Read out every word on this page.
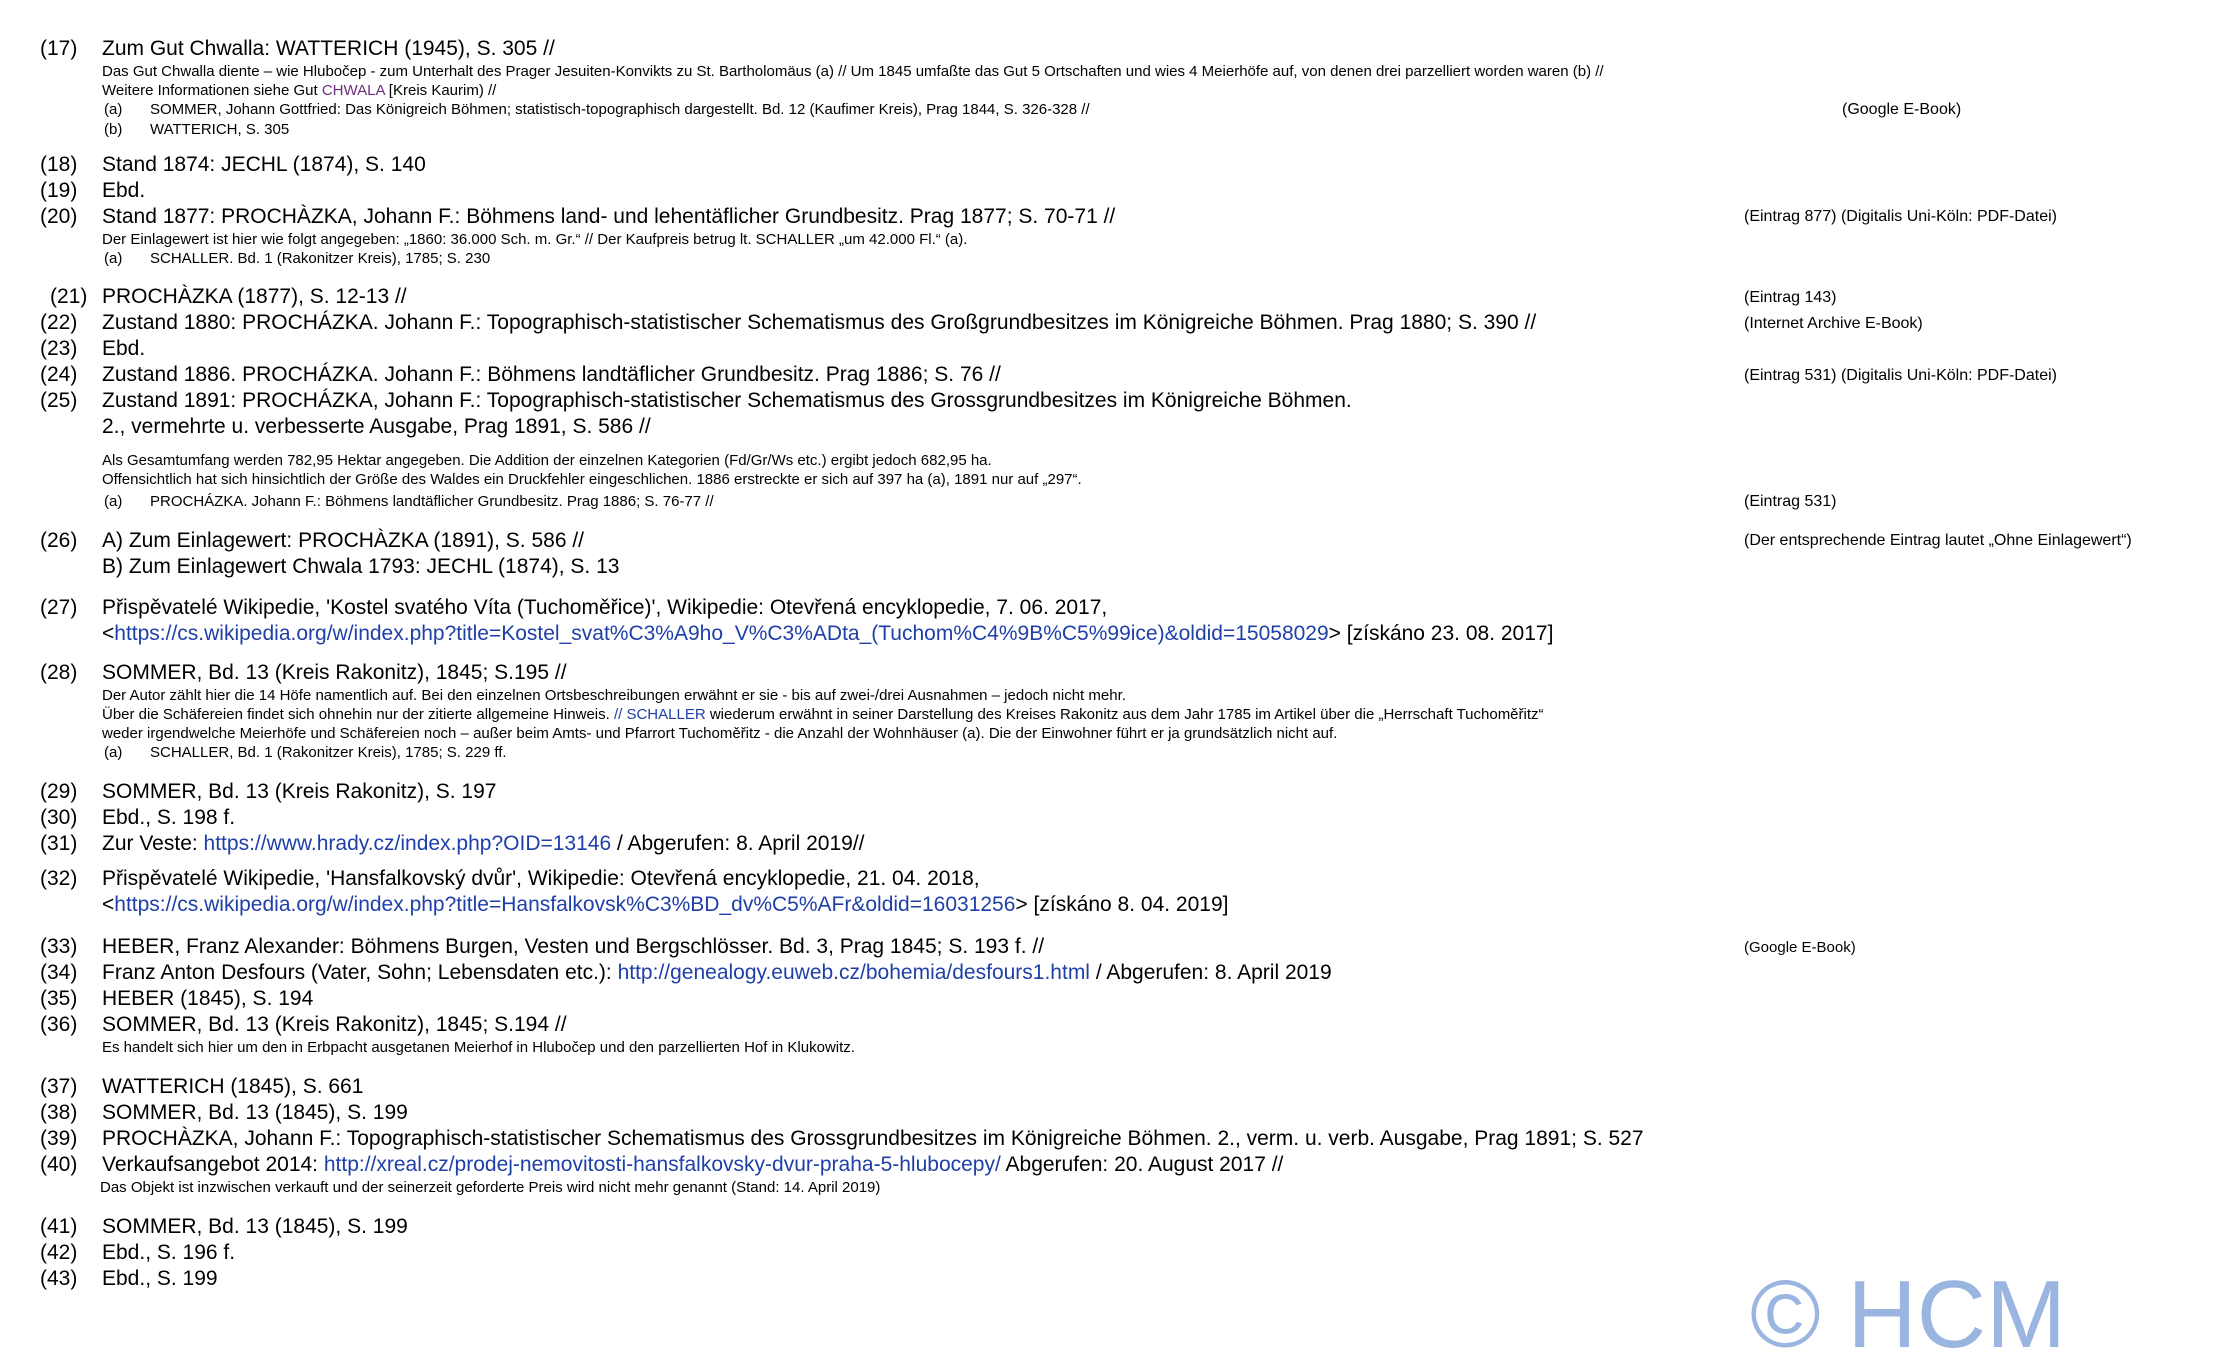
(17) Zum Gut Chwalla: WATTERICH (1945), S. 305 //
Das Gut Chwalla diente – wie Hlubočep - zum Unterhalt des Prager Jesuiten-Konvikts zu St. Bartholomäus (a) // Um 1845 umfaßte das Gut 5 Ortschaften und wies 4 Meierhöfe auf, von denen drei parzelliert worden waren (b) //
Weitere Informationen siehe Gut CHWALA [Kreis Kaurim) //
(a) SOMMER, Johann Gottfried: Das Königreich Böhmen; statistisch-topographisch dargestellt. Bd. 12 (Kaufimer Kreis), Prag 1844, S. 326-328 //	(Google E-Book)
(b) WATTERICH, S. 305
(18) Stand 1874: JECHL (1874), S. 140
(19) Ebd.
(20) Stand 1877: PROCHÀZKA, Johann F.: Böhmens land- und lehentäflicher Grundbesitz. Prag 1877; S. 70-71 //	(Eintrag 877) (Digitalis Uni-Köln: PDF-Datei)
Der Einlagewert ist hier wie folgt angegeben: „1860: 36.000 Sch. m. Gr.“ // Der Kaufpreis betrug lt. SCHALLER „um 42.000 Fl.“ (a).
(a) SCHALLER. Bd. 1 (Rakonitzer Kreis), 1785; S. 230
(21) PROCHÀZKA (1877), S. 12-13 //	(Eintrag 143)
(22) Zustand 1880: PROCHÁZKA. Johann F.: Topographisch-statistischer Schematismus des Großgrundbesitzes im Königreiche Böhmen. Prag 1880; S. 390 //	(Internet Archive E-Book)
(23) Ebd.
(24) Zustand 1886. PROCHÁZKA. Johann F.: Böhmens landtäflicher Grundbesitz. Prag 1886; S. 76 //	(Eintrag 531) (Digitalis Uni-Köln: PDF-Datei)
(25) Zustand 1891: PROCHÁZKA, Johann F.: Topographisch-statistischer Schematismus des Grossgrundbesitzes im Königreiche Böhmen.
2., vermehrte u. verbesserte Ausgabe, Prag 1891, S. 586 //
Als Gesamtumfang werden 782,95 Hektar angegeben. Die Addition der einzelnen Kategorien (Fd/Gr/Ws etc.) ergibt jedoch 682,95 ha.
Offensichtlich hat sich hinsichtlich der Größe des Waldes ein Druckfehler eingeschlichen. 1886 erstreckte er sich auf 397 ha (a), 1891 nur auf „297“.
(a) PROCHÁZKA. Johann F.: Böhmens landtäflicher Grundbesitz. Prag 1886; S. 76-77 //	(Eintrag 531)
(26) A) Zum Einlagewert: PROCHÀZKA (1891), S. 586 //	(Der entsprechende Eintrag lautet „Ohne Einlagewert“)
B) Zum Einlagewert Chwala 1793: JECHL (1874), S. 13
(27) Přispěvatelé Wikipedie, 'Kostel svatého Víta (Tuchoměřice)', Wikipedie: Otevřená encyklopedie, 7. 06. 2017,
<https://cs.wikipedia.org/w/index.php?title=Kostel_svat%C3%A9ho_V%C3%ADta_(Tuchom%C4%9B%C5%99ice)&oldid=15058029> [získáno 23. 08. 2017]
(28) SOMMER, Bd. 13 (Kreis Rakonitz), 1845; S.195 //
Der Autor zählt hier die 14 Höfe namentlich auf. Bei den einzelnen Ortsbeschreibungen erwähnt er sie - bis auf zwei-/drei Ausnahmen – jedoch nicht mehr.
Über die Schäfereien findet sich ohnehin nur der zitierte allgemeine Hinweis. // SCHALLER wiederum erwähnt in seiner Darstellung des Kreises Rakonitz aus dem Jahr 1785 im Artikel über die „Herrschaft Tuchoměřitz“
weder irgendwelche Meierhöfe und Schäfereien noch – außer beim Amts- und Pfarrort Tuchoměřitz - die Anzahl der Wohnhäuser (a). Die der Einwohner führt er ja grundsätzlich nicht auf.
(a) SCHALLER, Bd. 1 (Rakonitzer Kreis), 1785; S. 229 ff.
(29) SOMMER, Bd. 13 (Kreis Rakonitz), S. 197
(30) Ebd., S. 198 f.
(31) Zur Veste: https://www.hrady.cz/index.php?OID=13146 / Abgerufen: 8. April 2019//
(32) Přispěvatelé Wikipedie, 'Hansfalkovský dvůr', Wikipedie: Otevřená encyklopedie, 21. 04. 2018,
<https://cs.wikipedia.org/w/index.php?title=Hansfalkovsk%C3%BD_dv%C5%AFr&oldid=16031256> [získáno 8. 04. 2019]
(33) HEBER, Franz Alexander: Böhmens Burgen, Vesten und Bergschlösser. Bd. 3, Prag 1845; S. 193 f. //	(Google E-Book)
(34) Franz Anton Desfours (Vater, Sohn; Lebensdaten etc.): http://genealogy.euweb.cz/bohemia/desfours1.html / Abgerufen: 8. April 2019
(35) HEBER (1845), S. 194
(36) SOMMER, Bd. 13 (Kreis Rakonitz), 1845; S.194 //
Es handelt sich hier um den in Erbpacht ausgetanen Meierhof in Hlubočep und den parzellierten Hof in Klukowitz.
(37) WATTERICH (1845), S. 661
(38) SOMMER, Bd. 13 (1845), S. 199
(39) PROCHÀZKA, Johann F.: Topographisch-statistischer Schematismus des Grossgrundbesitzes im Königreiche Böhmen. 2., verm. u. verb. Ausgabe, Prag 1891; S. 527
(40) Verkaufsangebot 2014: http://xreal.cz/prodej-nemovitosti-hansfalkovsky-dvur-praha-5-hlubocepy/ Abgerufen: 20. August 2017 //
Das Objekt ist inzwischen verkauft und der seinerzeit geforderte Preis wird nicht mehr genannt (Stand: 14. April 2019)
(41) SOMMER, Bd. 13 (1845), S. 199
(42) Ebd., S. 196 f.
(43) Ebd., S. 199	© HCM
